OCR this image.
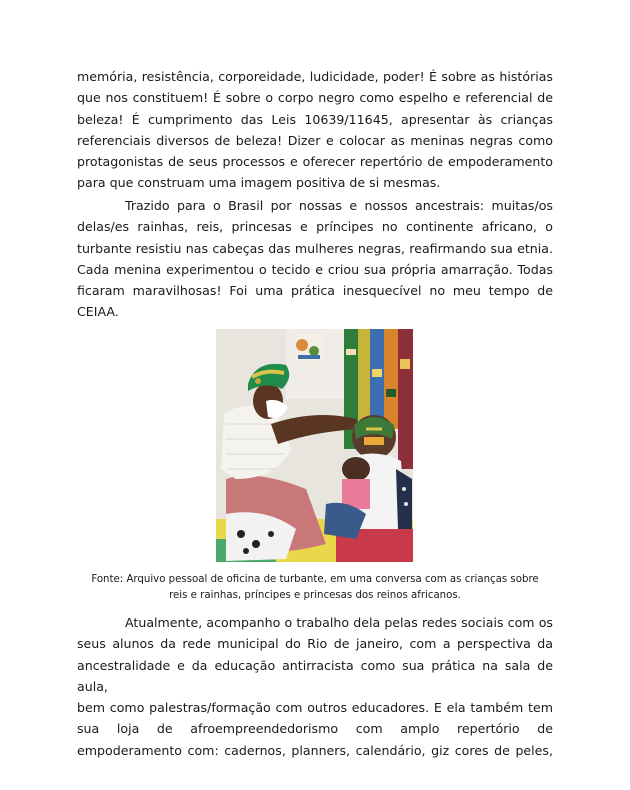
memória, resistência, corporeidade, ludicidade, poder! É sobre as histórias
que nos constituem! É sobre o corpo negro como espelho e referencial de
beleza! É cumprimento das Leis 10639/11645, apresentar às crianças
referenciais diversos de beleza! Dizer e colocar as meninas negras como
protagonistas de seus processos e oferecer repertório de empoderamento
para que construam uma imagem positiva de si mesmas.
Trazido para o Brasil por nossas e nossos ancestrais: muitas/os
delas/es rainhas, reis, princesas e príncipes no continente africano, o
turbante resistiu nas cabeças das mulheres negras, reafirmando sua etnia.
Cada menina experimentou o tecido e criou sua própria amarração. Todas
ficaram maravilhosas! Foi uma prática inesquecível no meu tempo de
CEIAA.

Fonte: Arquivo pessoal de oficina de turbante, em uma conversa com as crianças sobre
reis e rainhas, príncipes e princesas dos reinos africanos.

Atualmente, acompanho o trabalho dela pelas redes sociais com os
seus alunos da rede municipal do Rio de janeiro, com a perspectiva da
ancestralidade e da educação antirracista como sua prática na sala de aula,
bem como palestras/formação com outros educadores. E ela também tem
sua loja de afroempreendedorismo com amplo repertório de
empoderamento com: cadernos, planners, calendário, giz cores de peles,
